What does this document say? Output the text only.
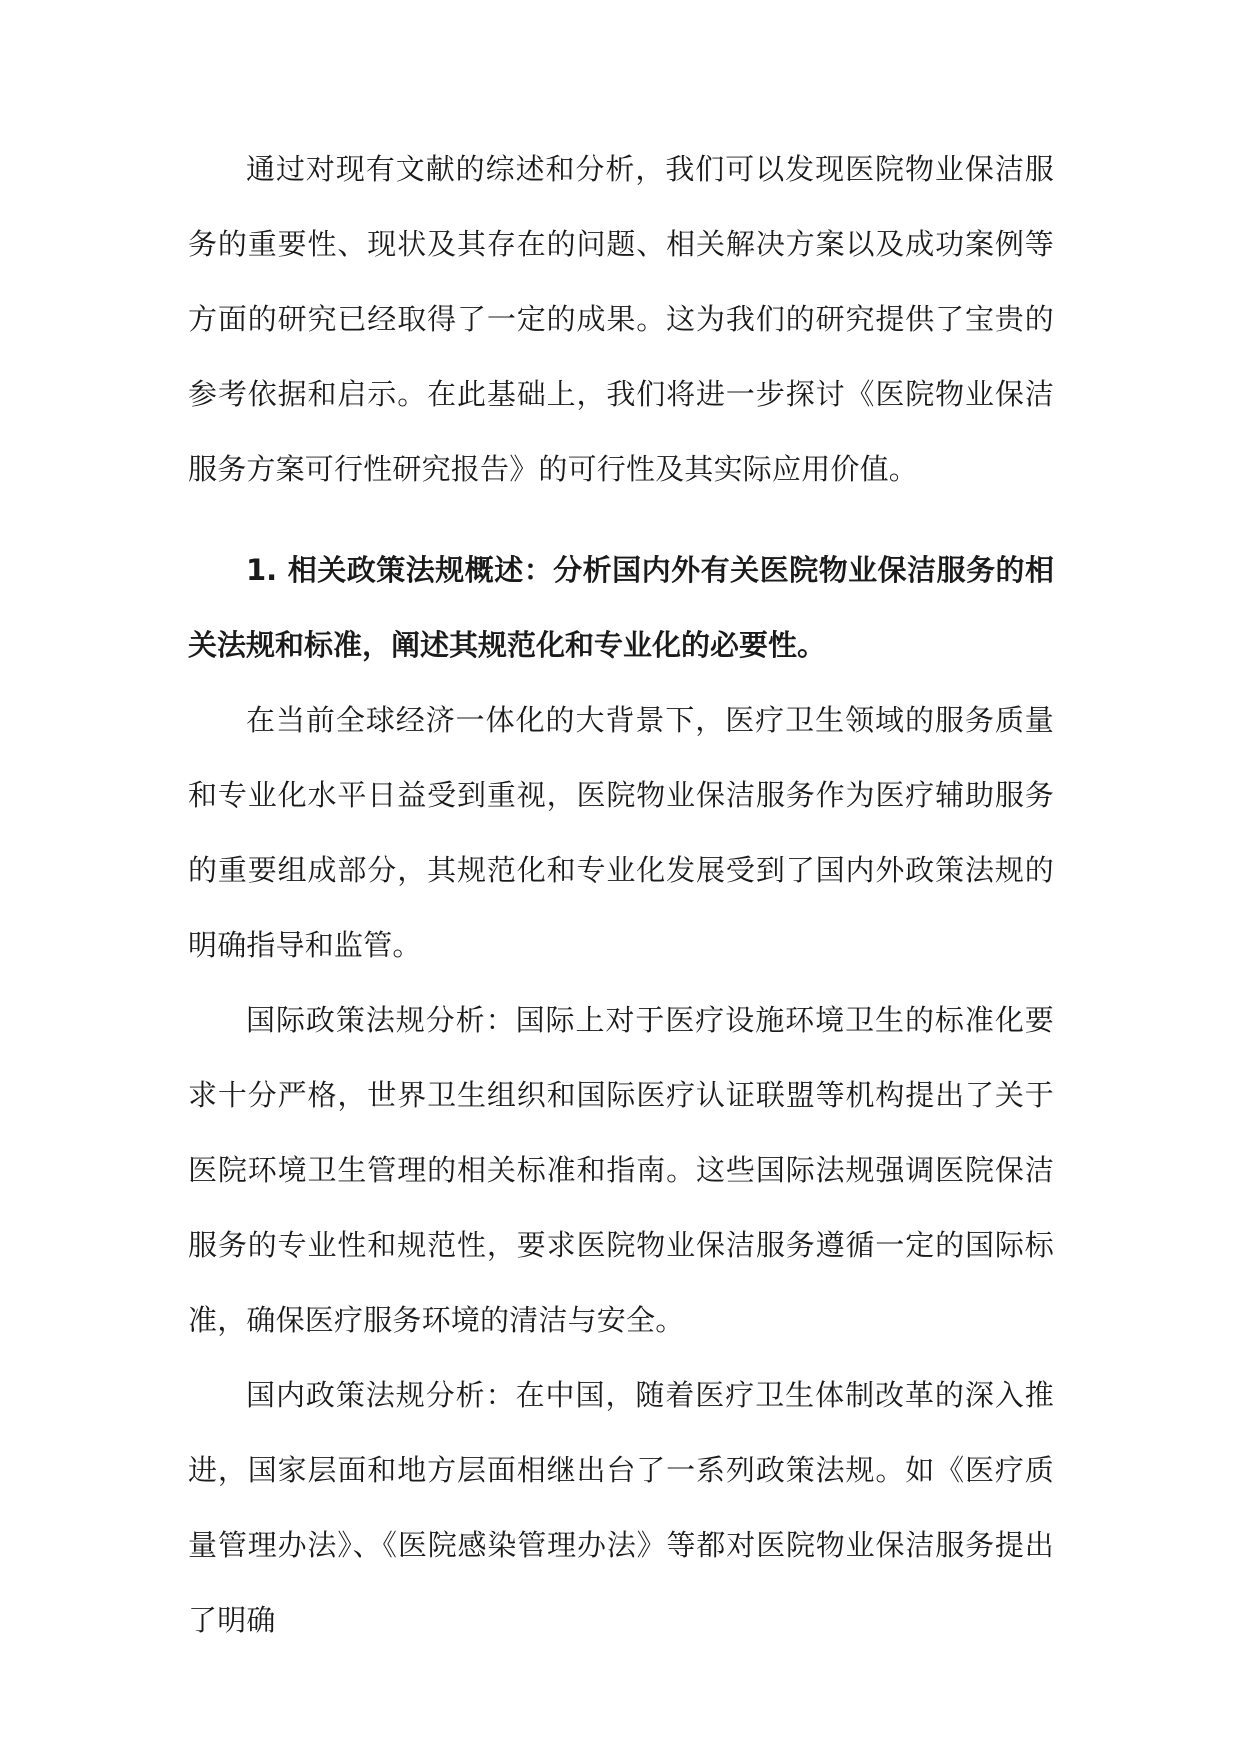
通过对现有文献的综述和分析，我们可以发现医院物业保洁服务的重要性、现状及其存在的问题、相关解决方案以及成功案例等方面的研究已经取得了一定的成果。这为我们的研究提供了宝贵的参考依据和启示。在此基础上，我们将进一步探讨《医院物业保洁服务方案可行性研究报告》的可行性及其实际应用价值。

1. 相关政策法规概述：分析国内外有关医院物业保洁服务的相关法规和标准，阐述其规范化和专业化的必要性。

在当前全球经济一体化的大背景下，医疗卫生领域的服务质量和专业化水平日益受到重视，医院物业保洁服务作为医疗辅助服务的重要组成部分，其规范化和专业化发展受到了国内外政策法规的明确指导和监管。

国际政策法规分析：国际上对于医疗设施环境卫生的标准化要求十分严格，世界卫生组织和国际医疗认证联盟等机构提出了关于医院环境卫生管理的相关标准和指南。这些国际法规强调医院保洁服务的专业性和规范性，要求医院物业保洁服务遵循一定的国际标准，确保医疗服务环境的清洁与安全。

国内政策法规分析：在中国，随着医疗卫生体制改革的深入推进，国家层面和地方层面相继出台了一系列政策法规。如《医疗质量管理办法》、《医院感染管理办法》等都对医院物业保洁服务提出了明确
